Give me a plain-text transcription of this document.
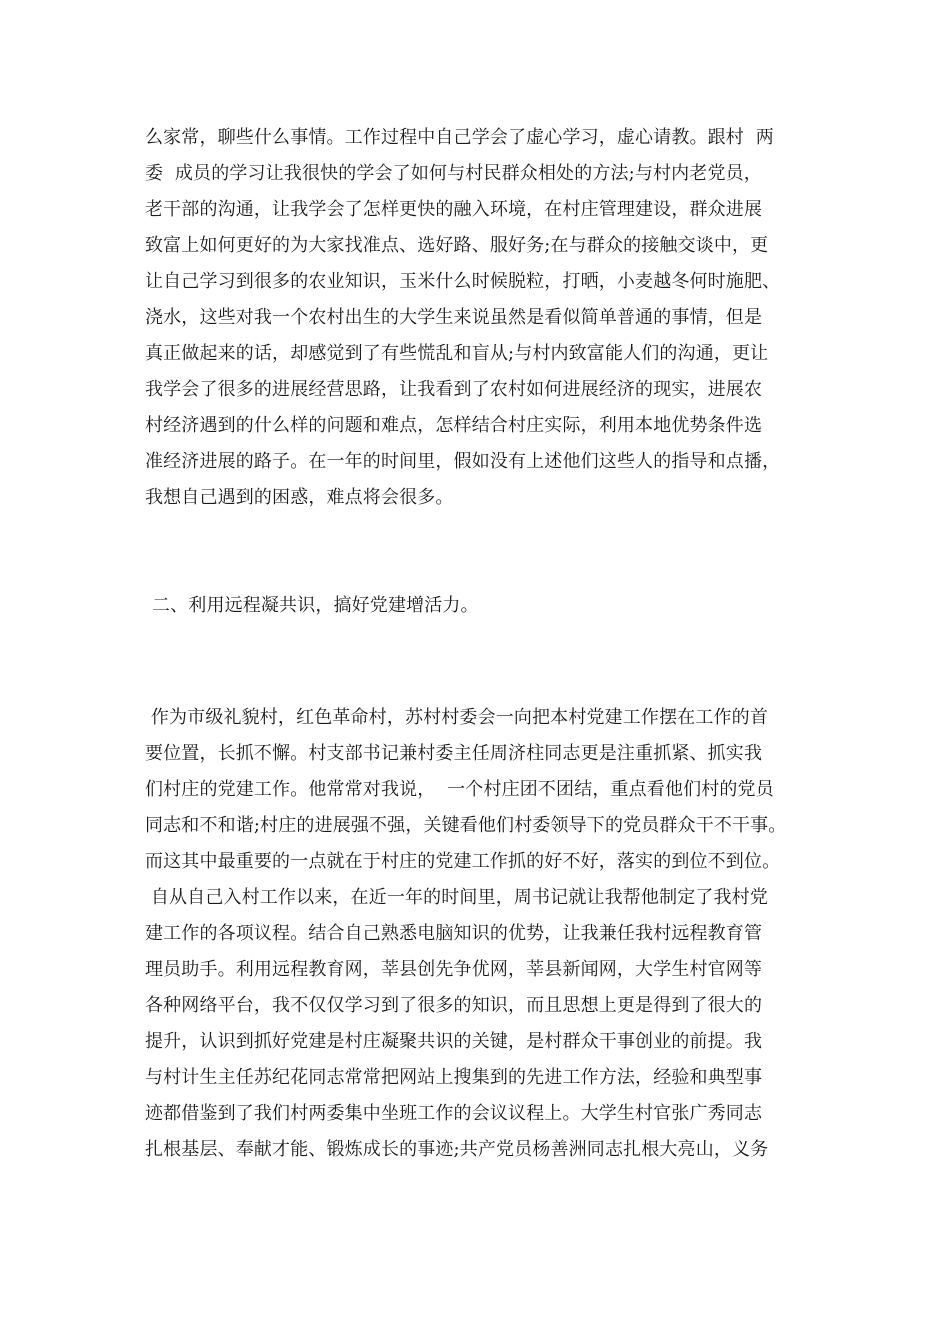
么家常，聊些什么事情。工作过程中自己学会了虚心学习，虚心请教。跟村  两
委  成员的学习让我很快的学会了如何与村民群众相处的方法;与村内老党员，
老干部的沟通，让我学会了怎样更快的融入环境，在村庄管理建设，群众进展
致富上如何更好的为大家找准点、选好路、服好务;在与群众的接触交谈中，更
让自己学习到很多的农业知识，玉米什么时候脱粒，打晒，小麦越冬何时施肥、
浇水，这些对我一个农村出生的大学生来说虽然是看似简单普通的事情，但是
真正做起来的话，却感觉到了有些慌乱和盲从;与村内致富能人们的沟通，更让
我学会了很多的进展经营思路，让我看到了农村如何进展经济的现实，进展农
村经济遇到的什么样的问题和难点，怎样结合村庄实际，利用本地优势条件选
准经济进展的路子。在一年的时间里，假如没有上述他们这些人的指导和点播，
我想自己遇到的困惑，难点将会很多。
二、利用远程凝共识，搞好党建增活力。
作为市级礼貌村，红色革命村，苏村村委会一向把本村党建工作摆在工作的首
要位置，长抓不懈。村支部书记兼村委主任周济柱同志更是注重抓紧、抓实我
们村庄的党建工作。他常常对我说，  一个村庄团不团结，重点看他们村的党员
同志和不和谐;村庄的进展强不强，关键看他们村委领导下的党员群众干不干事。
而这其中最重要的一点就在于村庄的党建工作抓的好不好，落实的到位不到位。
自从自己入村工作以来，在近一年的时间里，周书记就让我帮他制定了我村党
建工作的各项议程。结合自己熟悉电脑知识的优势，让我兼任我村远程教育管
理员助手。利用远程教育网，莘县创先争优网，莘县新闻网，大学生村官网等
各种网络平台，我不仅仅学习到了很多的知识，而且思想上更是得到了很大的
提升，认识到抓好党建是村庄凝聚共识的关键，是村群众干事创业的前提。我
与村计生主任苏纪花同志常常把网站上搜集到的先进工作方法，经验和典型事
迹都借鉴到了我们村两委集中坐班工作的会议议程上。大学生村官张广秀同志
扎根基层、奉献才能、锻炼成长的事迹;共产党员杨善洲同志扎根大亮山，义务
